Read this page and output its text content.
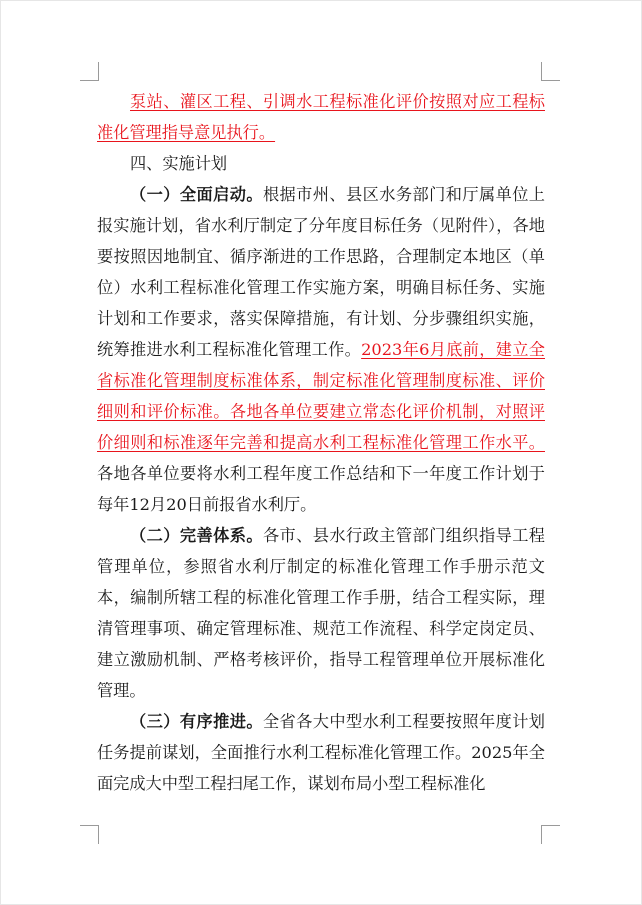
泵站、灌区工程、引调水工程标准化评价按照对应工程标准化管理指导意见执行。

四、实施计划

（一）全面启动。根据市州、县区水务部门和厅属单位上报实施计划，省水利厅制定了分年度目标任务（见附件），各地要按照因地制宜、循序渐进的工作思路，合理制定本地区（单位）水利工程标准化管理工作实施方案，明确目标任务、实施计划和工作要求，落实保障措施，有计划、分步骤组织实施，统筹推进水利工程标准化管理工作。2023年6月底前，建立全省标准化管理制度标准体系，制定标准化管理制度标准、评价细则和评价标准。各地各单位要建立常态化评价机制，对照评价细则和标准逐年完善和提高水利工程标准化管理工作水平。各地各单位要将水利工程年度工作总结和下一年度工作计划于每年12月20日前报省水利厅。

（二）完善体系。各市、县水行政主管部门组织指导工程管理单位，参照省水利厅制定的标准化管理工作手册示范文本，编制所辖工程的标准化管理工作手册，结合工程实际，理清管理事项、确定管理标准、规范工作流程、科学定岗定员、建立激励机制、严格考核评价，指导工程管理单位开展标准化管理。

（三）有序推进。全省各大中型水利工程要按照年度计划任务提前谋划，全面推行水利工程标准化管理工作。2025年全面完成大中型工程扫尾工作，谋划布局小型工程标准化
